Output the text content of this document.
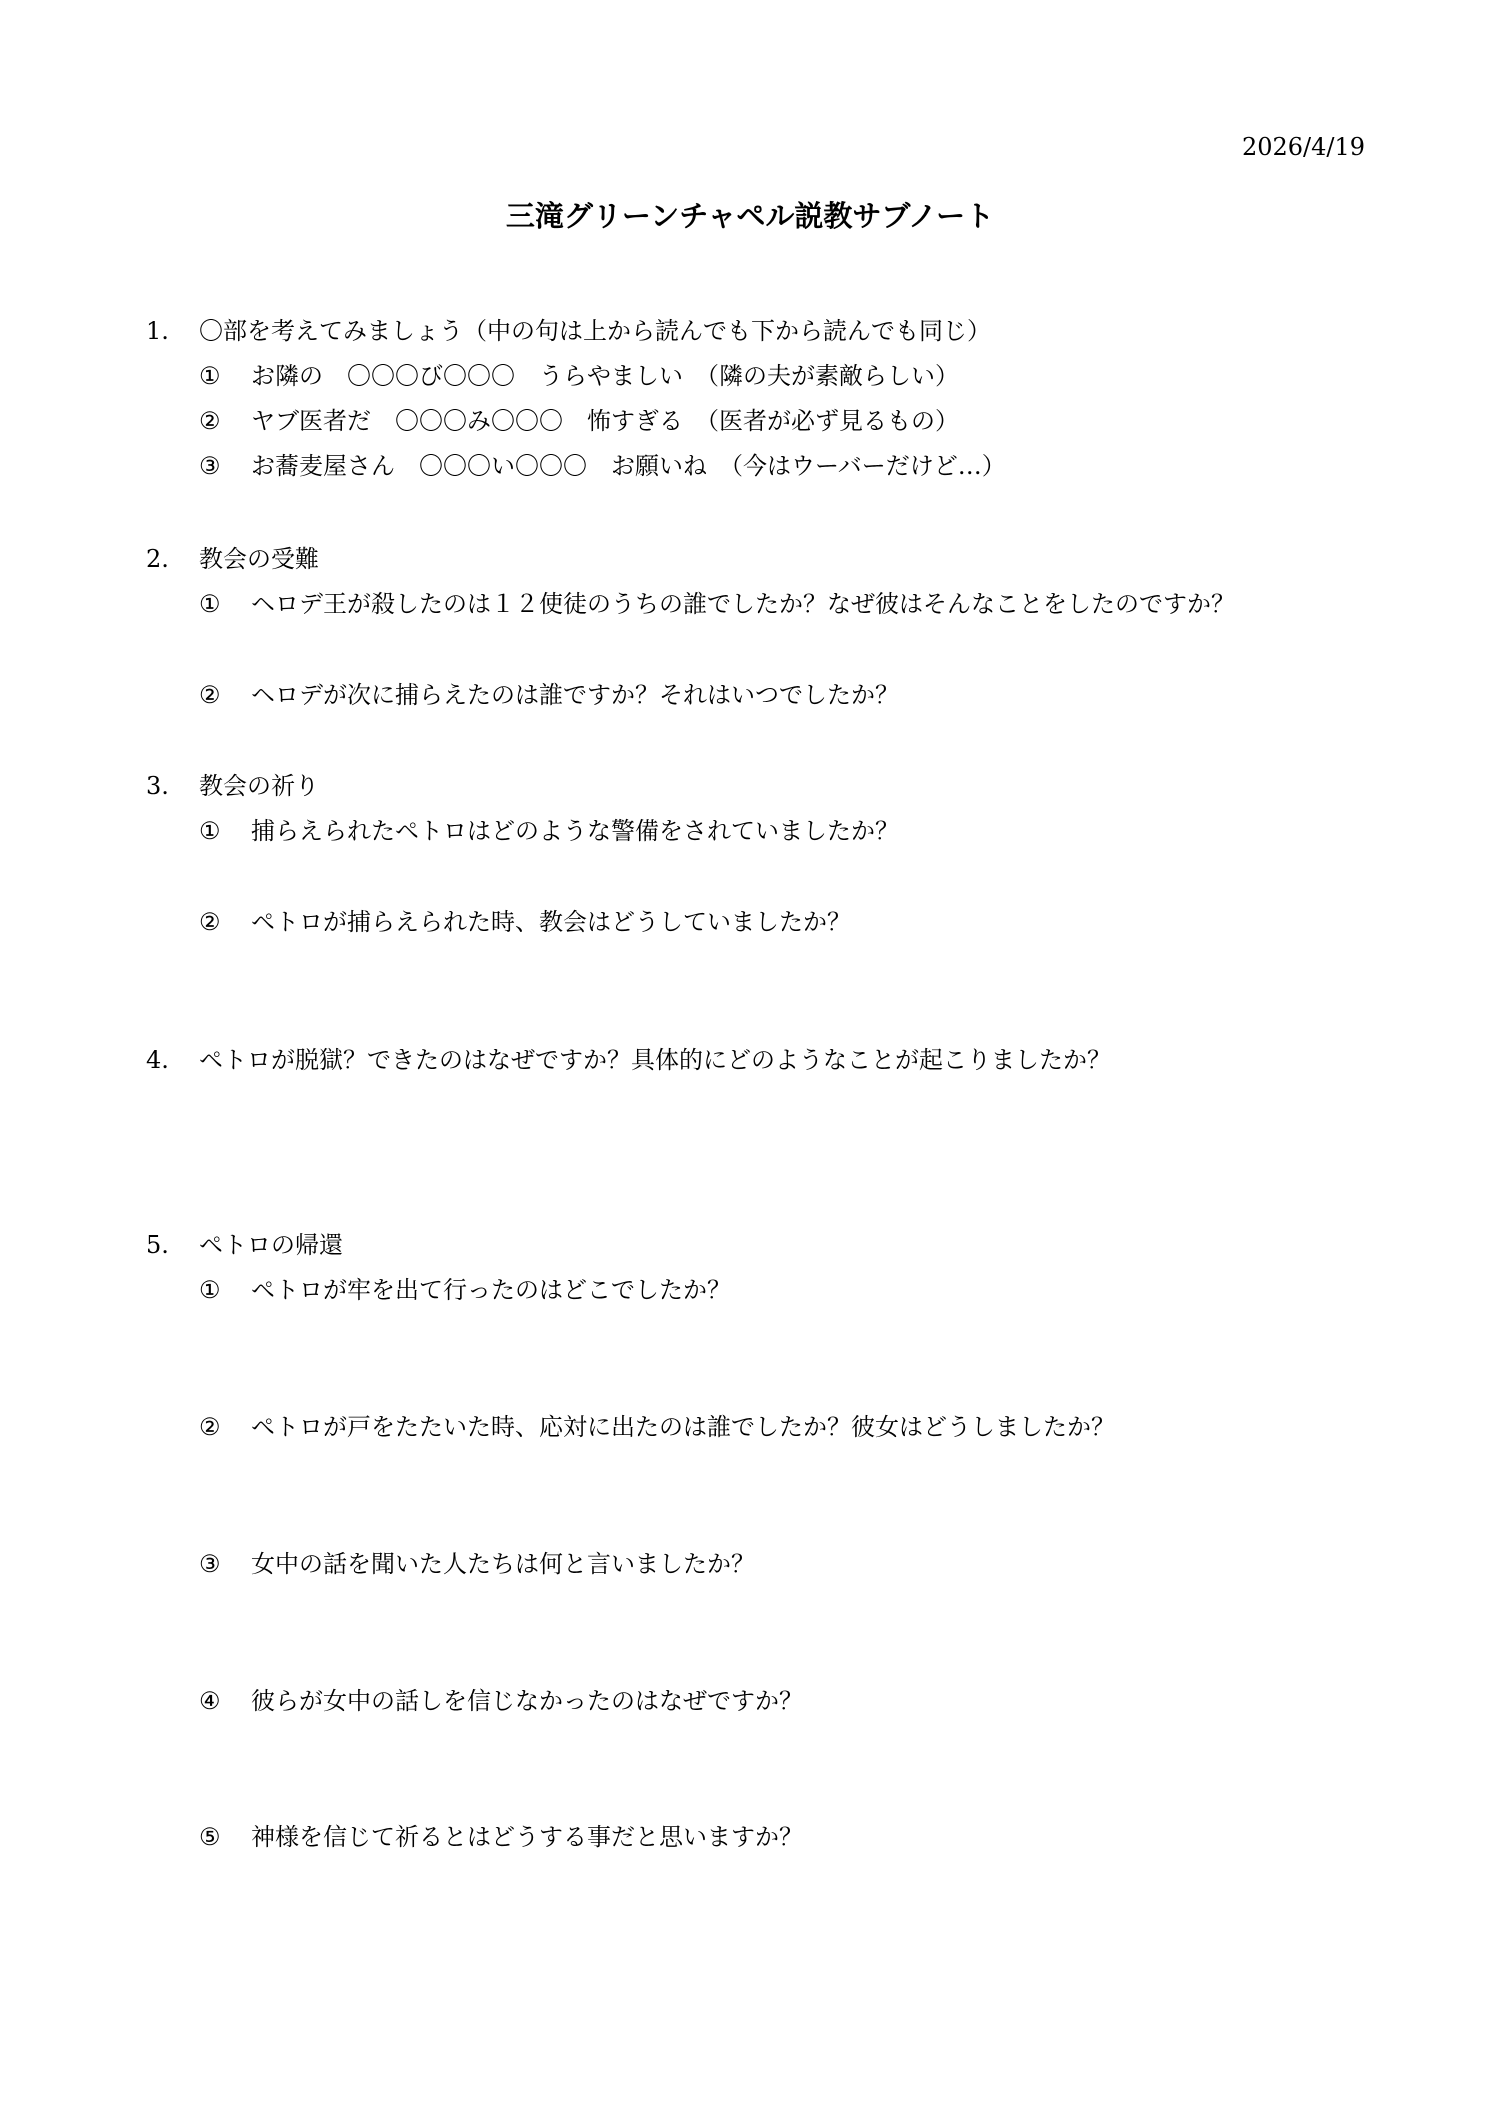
2026/4/19
三滝グリーンチャペル説教サブノート
1.	〇部を考えてみましょう（中の句は上から読んでも下から読んでも同じ）
①	お隣の　〇〇〇び〇〇〇　うらやましい　（隣の夫が素敵らしい）
②	ヤブ医者だ　〇〇〇み〇〇〇　怖すぎる　（医者が必ず見るもの）
③	お蕎麦屋さん　〇〇〇い〇〇〇　お願いね　（今はウーバーだけど…）
2.	教会の受難
①	ヘロデ王が殺したのは１２使徒のうちの誰でしたか？なぜ彼はそんなことをしたのですか？
②	ヘロデが次に捕らえたのは誰ですか？それはいつでしたか？
3.	教会の祈り
①	捕らえられたペトロはどのような警備をされていましたか？
②	ペトロが捕らえられた時、教会はどうしていましたか？
4.	ペトロが脱獄？できたのはなぜですか？具体的にどのようなことが起こりましたか？
5.	ペトロの帰還
①	ペトロが牢を出て行ったのはどこでしたか？
②	ペトロが戸をたたいた時、応対に出たのは誰でしたか？彼女はどうしましたか？
③	女中の話を聞いた人たちは何と言いましたか？
④	彼らが女中の話しを信じなかったのはなぜですか？
⑤	神様を信じて祈るとはどうする事だと思いますか？
